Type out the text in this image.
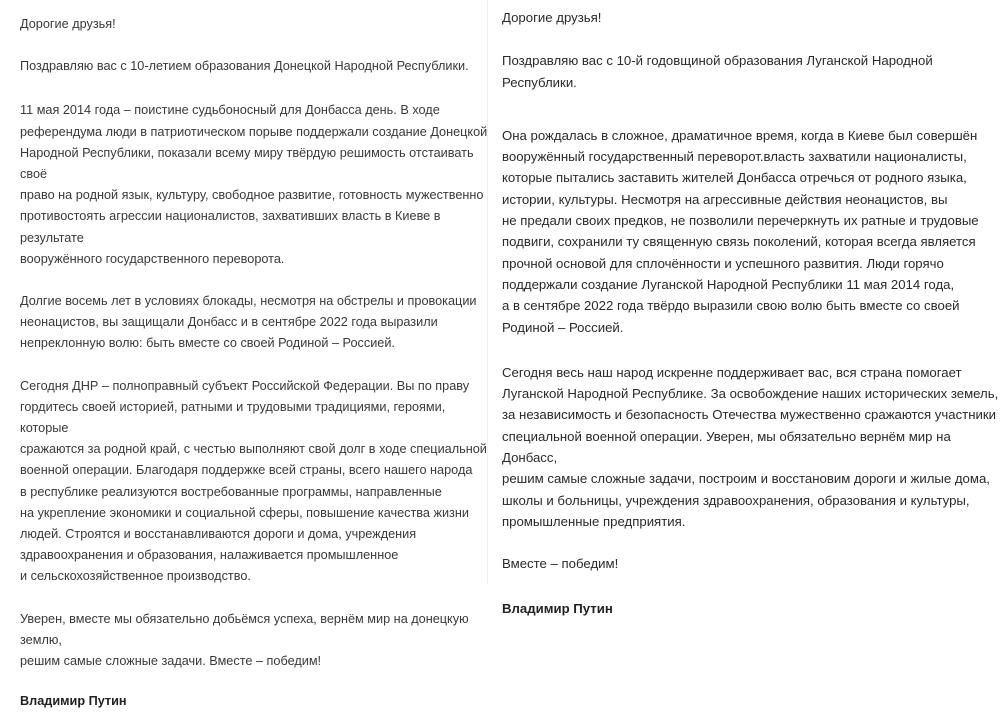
Дорогие друзья!

Поздравляю вас с 10-летием образования Донецкой Народной Республики.

11 мая 2014 года – поистине судьбоносный для Донбасса день. В ходе
референдума люди в патриотическом порыве поддержали создание Донецкой
Народной Республики, показали всему миру твёрдую решимость отстаивать своё
право на родной язык, культуру, свободное развитие, готовность мужественно
противостоять агрессии националистов, захвативших власть в Киеве в результате
вооружённого государственного переворота.

Долгие восемь лет в условиях блокады, несмотря на обстрелы и провокации
неонацистов, вы защищали Донбасс и в сентябре 2022 года выразили
непреклонную волю: быть вместе со своей Родиной – Россией.

Сегодня ДНР – полноправный субъект Российской Федерации. Вы по праву
гордитесь своей историей, ратными и трудовыми традициями, героями, которые
сражаются за родной край, с честью выполняют свой долг в ходе специальной
военной операции. Благодаря поддержке всей страны, всего нашего народа
в республике реализуются востребованные программы, направленные
на укрепление экономики и социальной сферы, повышение качества жизни
людей. Строятся и восстанавливаются дороги и дома, учреждения
здравоохранения и образования, налаживается промышленное
и сельскохозяйственное производство.

Уверен, вместе мы обязательно добьёмся успеха, вернём мир на донецкую землю,
решим самые сложные задачи. Вместе – победим!

Владимир Путин

Дорогие друзья!

Поздравляю вас с 10-й годовщиной образования Луганской Народной
Республики.

Она рождалась в сложное, драматичное время, когда в Киеве был совершён
вооружённый государственный переворот.власть захватили националисты,
которые пытались заставить жителей Донбасса отречься от родного языка,
истории, культуры. Несмотря на агрессивные действия неонацистов, вы
не предали своих предков, не позволили перечеркнуть их ратные и трудовые
подвиги, сохранили ту священную связь поколений, которая всегда является
прочной основой для сплочённости и успешного развития. Люди горячо
поддержали создание Луганской Народной Республики 11 мая 2014 года,
а в сентябре 2022 года твёрдо выразили свою волю быть вместе со своей
Родиной – Россией.

Сегодня весь наш народ искренне поддерживает вас, вся страна помогает
Луганской Народной Республике. За освобождение наших исторических земель,
за независимость и безопасность Отечества мужественно сражаются участники
специальной военной операции. Уверен, мы обязательно вернём мир на Донбасс,
решим самые сложные задачи, построим и восстановим дороги и жилые дома,
школы и больницы, учреждения здравоохранения, образования и культуры,
промышленные предприятия.

Вместе – победим!

Владимир Путин
